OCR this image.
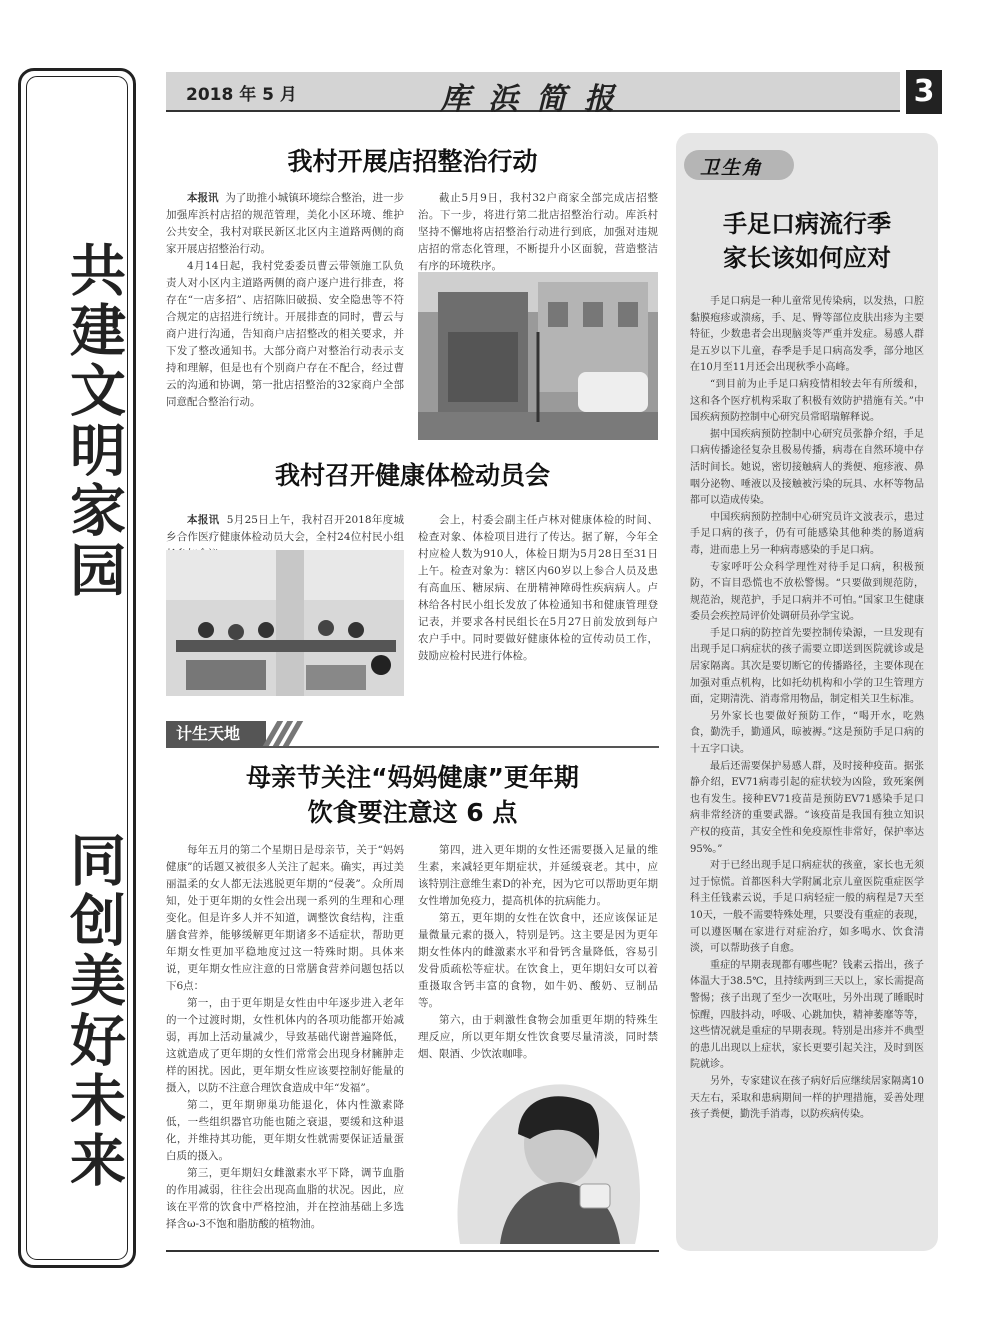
共建文明家园
同创美好未来
2018 年 5 月	库浜简报	3
我村开展店招整治行动

本报讯 为了助推小城镇环境综合整治，进一步加强库浜村店招的规范管理，美化小区环境、维护公共安全，我村对联民新区北区内主道路两侧的商家开展店招整治行动。

4月14日起，我村党委委员曹云带领施工队负责人对小区内主道路两侧的商户逐户进行排查，将存在“一店多招”、店招陈旧破损、安全隐患等不符合规定的店招进行统计。开展排查的同时，曹云与商户进行沟通，告知商户店招整改的相关要求，并下发了整改通知书。大部分商户对整治行动表示支持和理解，但是也有个别商户存在不配合，经过曹云的沟通和协调，第一批店招整治的32家商户全部同意配合整治行动。

截止5月9日，我村32户商家全部完成店招整治。下一步，将进行第二批店招整治行动。库浜村坚持不懈地将店招整治行动进行到底，加强对违规店招的常态化管理，不断提升小区面貌，营造整洁有序的环境秩序。

我村召开健康体检动员会

本报讯 5月25日上午，我村召开2018年度城乡合作医疗健康体检动员大会，全村24位村民小组

会上，村委会副主任卢林对健康体检的时间、检查对象、体检项目进行了传达。据了解，今年全村应检人数为910人，体检日期为5月28日至31日上午。检查对象为：辖区内60岁以上参合人员及患有高血压、糖尿病、在册精神障碍性疾病病人。卢林给各村民小组长发放了体检通知书和健康管理登记表，并要求各村民组长在5月27日前发放到每户农户手中。同时要做好健康体检的宣传动员工作，鼓励应检村民进行体检。

计生天地
母亲节关注“妈妈健康”更年期
饮食要注意这 6 点

每年五月的第二个星期日是母亲节，关于“妈妈健康”的话题又被很多人关注了起来。确实，再过美丽温柔的女人都无法逃脱更年期的“侵袭”。众所周知，处于更年期的女性会出现一系列的生理和心理变化。但是许多人并不知道，调整饮食结构，注重膳食营养，能够缓解更年期诸多不适症状，帮助更年期女性更加平稳地度过这一特殊时期。具体来说，更年期女性应注意的日常膳食营养问题包括以下6点：

第一，由于更年期是女性由中年逐步进入老年的一个过渡时期，女性机体内的各项功能都开始减弱，再加上活动量减少，导致基础代谢普遍降低，这就造成了更年期的女性们常常会出现身材臃肿走样的困扰。因此，更年期女性应该要控制好能量的摄入，以防不注意合理饮食造成中年“发福”。

第二，更年期卵巢功能退化，体内性激素降低，一些组织器官功能也随之衰退，要缓和这种退化，并维持其功能，更年期女性就需要保证适量蛋白质的摄入。

第三，更年期妇女雌激素水平下降，调节血脂的作用减弱，往往会出现高血脂的状况。因此，应该在平常的饮食中严格控油，并在控油基础上多选择含ω-3不饱和脂肪酸的植物油。

第四，进入更年期的女性还需要摄入足量的维生素，来减轻更年期症状，并延缓衰老。其中，应该特别注意维生素D的补充，因为它可以帮助更年期女性增加免疫力，提高机体的抗病能力。

第五，更年期的女性在饮食中，还应该保证足量微量元素的摄入，特别是钙。这主要是因为更年期女性体内的雌激素水平和骨钙含量降低，容易引发骨质疏松等症状。在饮食上，更年期妇女可以着重摄取含钙丰富的食物，如牛奶、酸奶、豆制品等。

第六，由于刺激性食物会加重更年期的特殊生理反应，所以更年期女性饮食要尽量清淡，同时禁烟、限酒、少饮浓咖啡。

卫生角
手足口病流行季
家长该如何应对

手足口病是一种儿童常见传染病，以发热，口腔黏膜疱疹或溃疡，手、足、臀等部位皮肤出疹为主要特征，少数患者会出现脑炎等严重并发症。易感人群是五岁以下儿童，春季是手足口病高发季，部分地区在10月至11月还会出现秋季小高峰。

“到目前为止手足口病疫情相较去年有所缓和，这和各个医疗机构采取了积极有效防护措施有关。”中国疾病预防控制中心研究员常昭瑞解释说。

据中国疾病预防控制中心研究员张静介绍，手足口病传播途径复杂且极易传播，病毒在自然环境中存活时间长。她说，密切接触病人的粪便、疱疹液、鼻咽分泌物、唾液以及接触被污染的玩具、水杯等物品都可以造成传染。

中国疾病预防控制中心研究员许文波表示，患过手足口病的孩子，仍有可能感染其他种类的肠道病毒，进而患上另一种病毒感染的手足口病。

专家呼吁公众科学理性对待手足口病，积极预防，不盲目恐慌也不放松警惕。“只要做到规范防，规范治，规范护，手足口病并不可怕。”国家卫生健康委员会疾控局评价处调研员孙学宝说。

手足口病的防控首先要控制传染源，一旦发现有出现手足口病症状的孩子需要立即送到医院就诊或是居家隔离。其次是要切断它的传播路径，主要体现在加强对重点机构，比如托幼机构和小学的卫生管理方面，定期清洗、消毒常用物品，制定相关卫生标准。

另外家长也要做好预防工作，“喝开水，吃熟食，勤洗手，勤通风，晾被褥。”这是预防手足口病的十五字口诀。

最后还需要保护易感人群，及时接种疫苗。据张静介绍，EV71病毒引起的症状较为凶险，致死案例也有发生。接种EV71疫苗是预防EV71感染手足口病非常经济的重要武器。“该疫苗是我国有独立知识产权的疫苗，其安全性和免疫原性非常好，保护率达95%。”

对于已经出现手足口病症状的孩童，家长也无须过于惊慌。首都医科大学附属北京儿童医院重症医学科主任钱素云说，手足口病轻症一般的病程是7天至10天，一般不需要特殊处理，只要没有重症的表现，可以遵医嘱在家进行对症治疗，如多喝水、饮食清淡，可以帮助孩子自愈。

重症的早期表现都有哪些呢？钱素云指出，孩子体温大于38.5℃，且持续两到三天以上，家长需提高警惕；孩子出现了至少一次呕吐，另外出现了睡眠时惊醒，四肢抖动，呼吸、心跳加快，精神萎靡等等，这些情况就是重症的早期表现。特别是出疹并不典型的患儿出现以上症状，家长更要引起关注，及时到医院就诊。

另外，专家建议在孩子病好后应继续居家隔离10天左右，采取和患病期间一样的护理措施，妥善处理孩子粪便，勤洗手消毒，以防疾病传染。
